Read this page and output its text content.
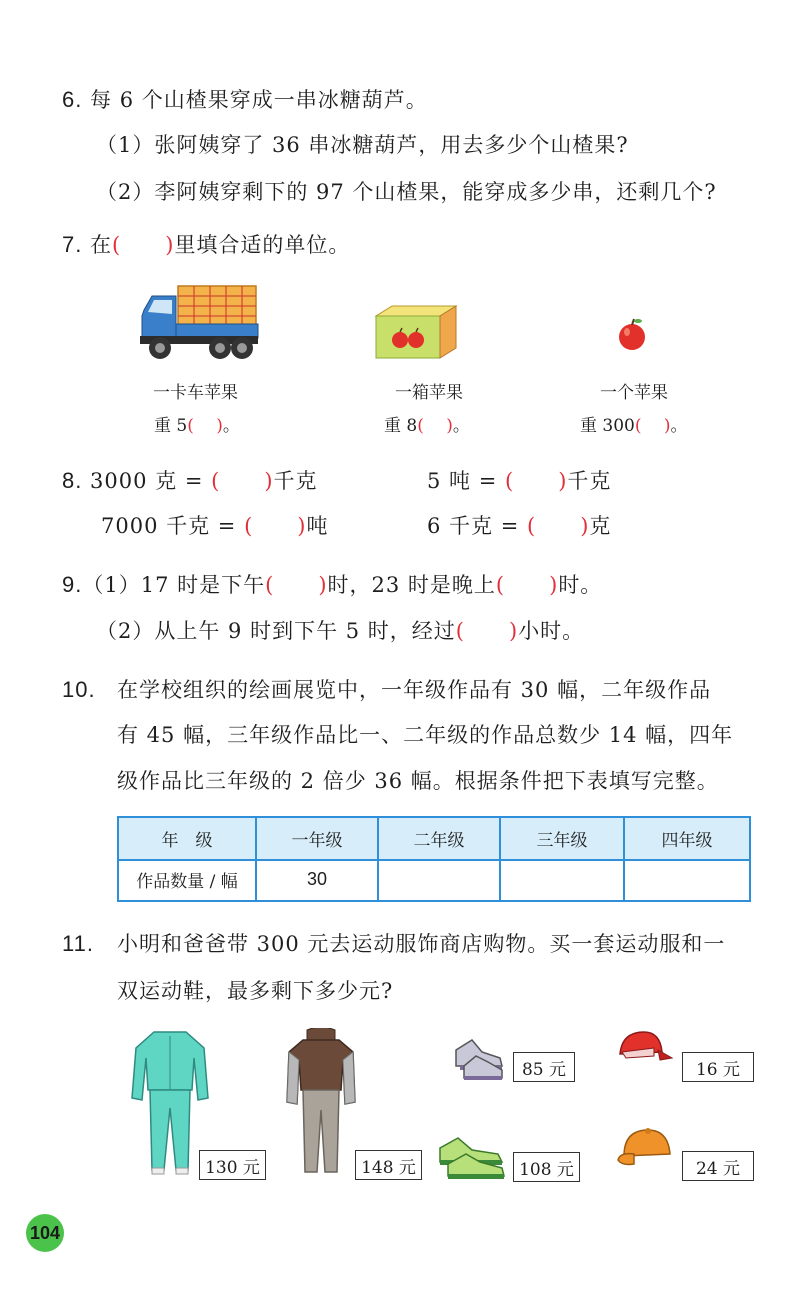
6. 每 6 个山楂果穿成一串冰糖葫芦。
（1）张阿姨穿了 36 串冰糖葫芦，用去多少个山楂果?
（2）李阿姨穿剩下的 97 个山楂果，能穿成多少串，还剩几个?
7. 在(　　)里填合适的单位。
一卡车苹果
重 5(　 )。
一箱苹果
重 8(　 )。
一个苹果
重 300(　 )。
8. 3000 克 = (　　)千克	5 吨 = (　　)千克
7000 千克 = (　　)吨	6 千克 = (　　)克
9.（1）17 时是下午(　　)时，23 时是晚上(　　)时。
（2）从上午 9 时到下午 5 时，经过(　　)小时。
10. 在学校组织的绘画展览中，一年级作品有 30 幅，二年级作品
有 45 幅，三年级作品比一、二年级的作品总数少 14 幅，四年
级作品比三年级的 2 倍少 36 幅。根据条件把下表填写完整。
年　级	一年级	二年级	三年级	四年级
作品数量 / 幅	30
11. 小明和爸爸带 300 元去运动服饰商店购物。买一套运动服和一
双运动鞋，最多剩下多少元?
130 元	148 元
85 元
108 元
16 元
24 元
104
